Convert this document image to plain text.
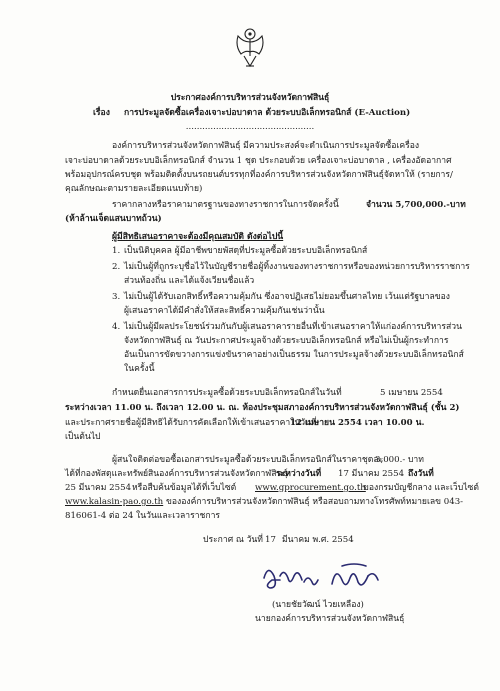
ประกาศองค์การบริหารส่วนจังหวัดกาฬสินธุ์
เรื่อง การประมูลจัดซื้อเครื่องเจาะบ่อบาดาล ด้วยระบบอิเล็กทรอนิกส์ (E-Auction)
...............................................
องค์การบริหารส่วนจังหวัดกาฬสินธุ์ มีความประสงค์จะดำเนินการประมูลจัดซื้อเครื่อง
เจาะบ่อบาดาลด้วยระบบอิเล็กทรอนิกส์ จำนวน 1 ชุด ประกอบด้วย เครื่องเจาะบ่อบาดาล , เครื่องอัดอากาศ
พร้อมอุปกรณ์ครบชุด พร้อมติดตั้งบนรถยนต์บรรทุกที่องค์การบริหารส่วนจังหวัดกาฬสินธุ์จัดหาให้ (รายการ/
คุณลักษณะตามรายละเอียดแนบท้าย)
ราคากลางหรือราคามาตรฐานของทางราชการในการจัดครั้งนี้	จำนวน 5,700,000.-บาท
(ห้าล้านเจ็ดแสนบาทถ้วน)
ผู้มีสิทธิเสนอราคาจะต้องมีคุณสมบัติ ดังต่อไปนี้
1. เป็นนิติบุคคล ผู้มีอาชีพขายพัสดุที่ประมูลซื้อด้วยระบบอิเล็กทรอนิกส์
2. ไม่เป็นผู้ที่ถูกระบุชื่อไว้ในบัญชีรายชื่อผู้ทิ้งงานของทางราชการหรือของหน่วยการบริหารราชการ
ส่วนท้องถิ่น และได้แจ้งเวียนชื่อแล้ว
3. ไม่เป็นผู้ได้รับเอกสิทธิ์หรือความคุ้มกัน ซึ่งอาจปฏิเสธไม่ยอมขึ้นศาลไทย เว้นแต่รัฐบาลของ
ผู้เสนอราคาได้มีคำสั่งให้สละสิทธิ์ความคุ้มกันเช่นว่านั้น
4. ไม่เป็นผู้มีผลประโยชน์ร่วมกันกับผู้เสนอราคารายอื่นที่เข้าเสนอราคาให้แก่องค์การบริหารส่วน
จังหวัดกาฬสินธุ์ ณ วันประกาศประมูลจ้างด้วยระบบอิเล็กทรอนิกส์ หรือไม่เป็นผู้กระทำการ
อันเป็นการขัดขวางการแข่งขันราคาอย่างเป็นธรรม ในการประมูลจ้างด้วยระบบอิเล็กทรอนิกส์
ในครั้งนี้
กำหนดยื่นเอกสารการประมูลซื้อด้วยระบบอิเล็กทรอนิกส์ในวันที่	5 เมษายน 2554
ระหว่างเวลา 11.00 น. ถึงเวลา 12.00 น. ณ. ห้องประชุมสภาองค์การบริหารส่วนจังหวัดกาฬสินธุ์ (ชั้น 2)
และประกาศรายชื่อผู้มีสิทธิได้รับการคัดเลือกให้เข้าเสนอราคาในวันที่
12 เมษายน 2554 เวลา 10.00 น.
เป็นต้นไป
ผู้สนใจติดต่อขอซื้อเอกสารประมูลซื้อด้วยระบบอิเล็กทรอนิกส์ในราคาชุดละ
3,000.- บาท
ได้ที่กองพัสดุและทรัพย์สินองค์การบริหารส่วนจังหวัดกาฬสินธุ์
ระหว่างวันที่ 17 มีนาคม 2554 ถึงวันที่
25 มีนาคม 2554 หรือสืบค้นข้อมูลได้ที่เว็บไซต์ www.gprocurement.go.th
ของกรมบัญชีกลาง และเว็บไซต์
www.kalasin-pao.go.th ขององค์การบริหารส่วนจังหวัดกาฬสินธุ์ หรือสอบถามทางโทรศัพท์หมายเลข 043-
816061-4 ต่อ 24 ในวันและเวลาราชการ
ประกาศ ณ วันที่ 17 มีนาคม พ.ศ. 2554
(นายชัยวัฒน์ ไวยเหลือง)
นายกองค์การบริหารส่วนจังหวัดกาฬสินธุ์
